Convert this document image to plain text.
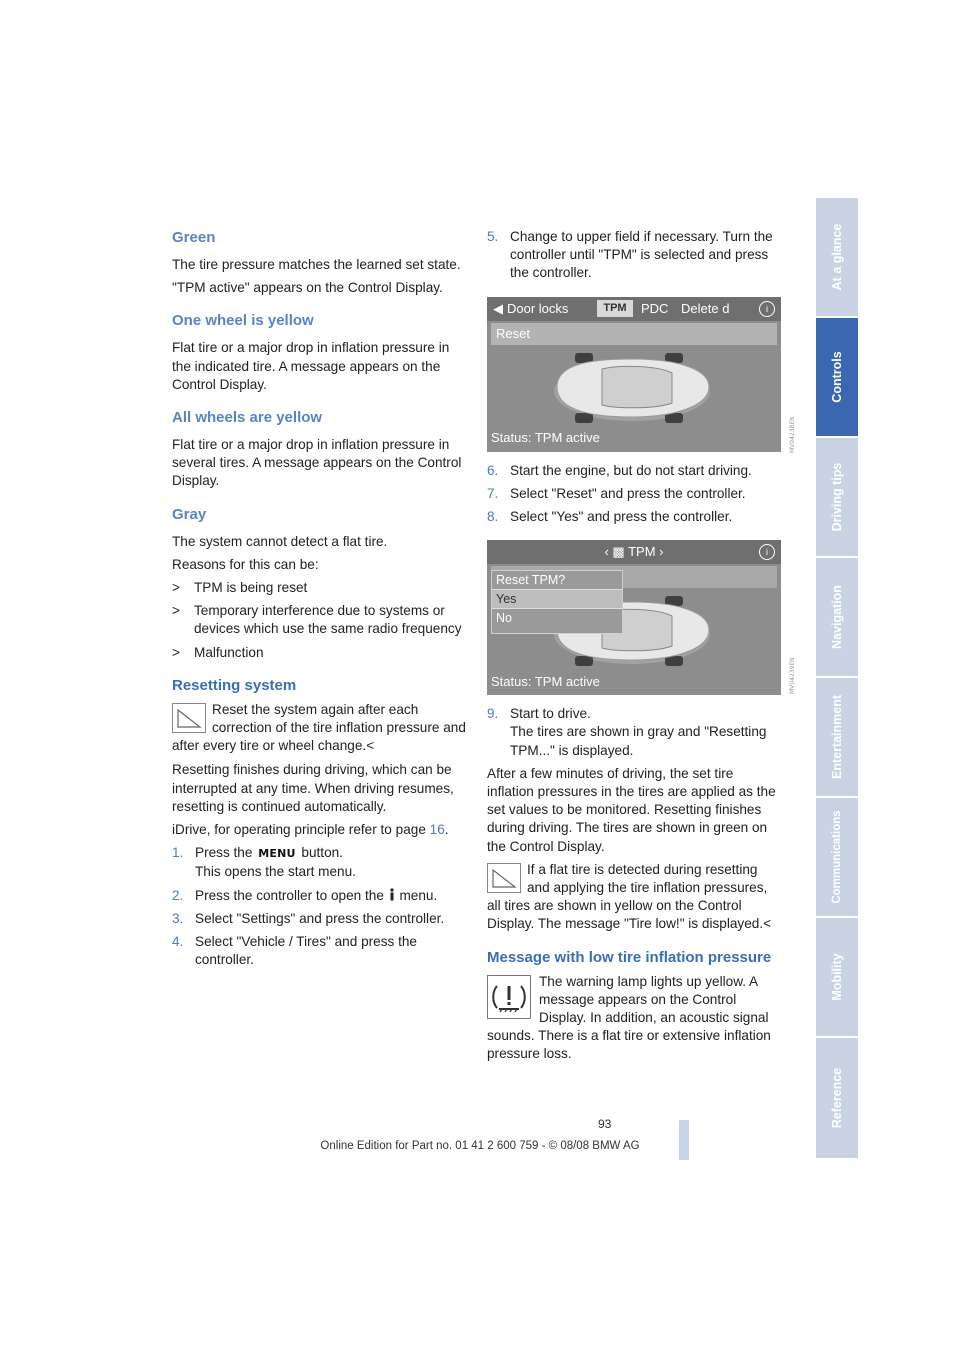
Green

The tire pressure matches the learned set state.

"TPM active" appears on the Control Display.

One wheel is yellow

Flat tire or a major drop in inflation pressure in the indicated tire. A message appears on the Control Display.

All wheels are yellow

Flat tire or a major drop in inflation pressure in several tires. A message appears on the Control Display.

Gray

The system cannot detect a flat tire.

Reasons for this can be:

> TPM is being reset
> Temporary interference due to systems or devices which use the same radio frequency
> Malfunction
Resetting system
Reset the system again after each correction of the tire inflation pressure and after every tire or wheel change.<

Resetting finishes during driving, which can be interrupted at any time. When driving resumes, resetting is continued automatically.

iDrive, for operating principle refer to page 16.

1. Press the MENU button.
This opens the start menu.
2. Press the controller to open the menu.
3. Select "Settings" and press the controller.
4. Select "Vehicle / Tires" and press the controller.
5. Change to upper field if necessary. Turn the controller until "TPM" is selected and press the controller.
◀ Door locks	TPM	PDC Delete d	i
Reset
Status: TPM active
6. Start the engine, but do not start driving.
7. Select "Reset" and press the controller.
8. Select "Yes" and press the controller.
‹ ▩ TPM ›	i
Reset TPM?
Yes
No
Status: TPM active
9. Start to drive.
The tires are shown in gray and "Resetting TPM..." is displayed.

After a few minutes of driving, the set tire inflation pressures in the tires are applied as the set values to be monitored. Resetting finishes during driving. The tires are shown in green on the Control Display.

If a flat tire is detected during resetting and applying the tire inflation pressures, all tires are shown in yellow on the Control Display. The message "Tire low!" is displayed.<
Message with low tire inflation pressure
The warning lamp lights up yellow. A message appears on the Control Display. In addition, an acoustic signal sounds. There is a flat tire or extensive inflation pressure loss.
At a glance
Controls
Driving tips
Navigation
Entertainment
Communications
Mobility
Reference
MV04238EN
MV04239EN
93
Online Edition for Part no. 01 41 2 600 759 - © 08/08 BMW AG
